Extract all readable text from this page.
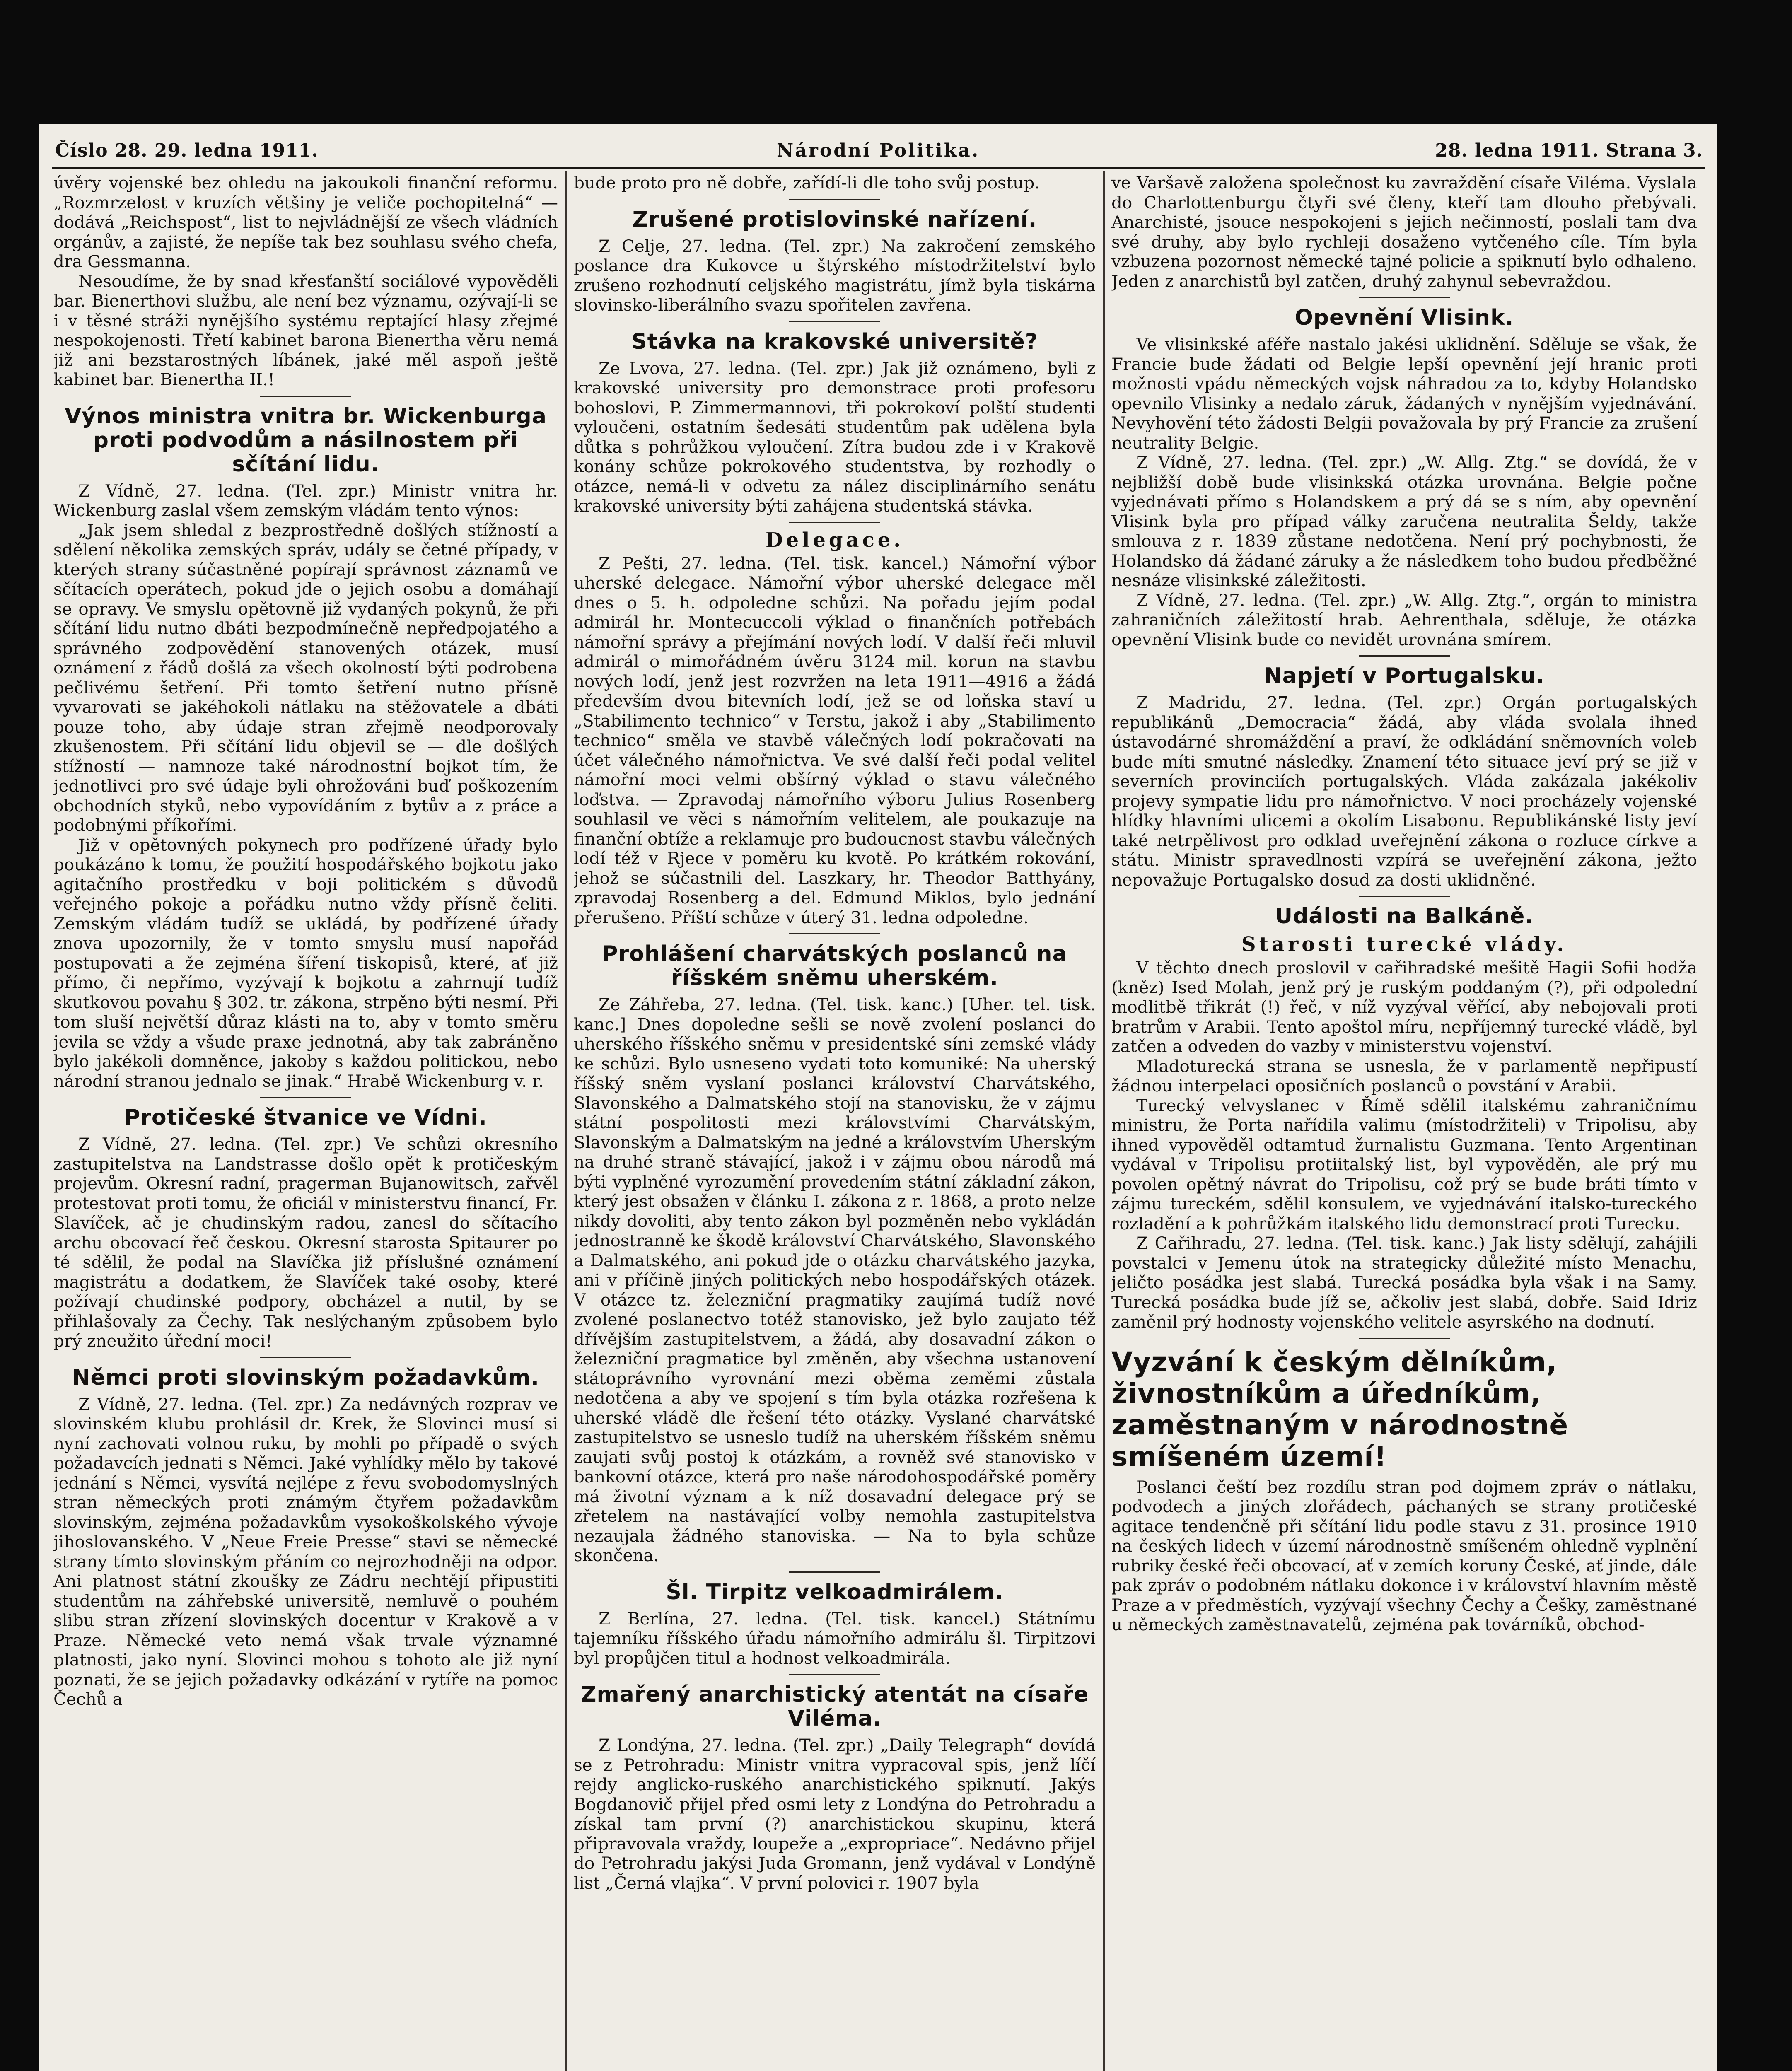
Číslo 28. 29. ledna 1911.	Národní Politika.	28. ledna 1911. Strana 3.

úvěry vojenské bez ohledu na jakoukoli finanční reformu. „Rozmrzelost v kruzích většiny je veliče pochopitelná“ — dodává „Reichspost“, list to nejvládnější ze všech vládních orgánův, a zajisté, že nepíše tak bez souhlasu svého chefa, dra Gessmanna.

Nesoudíme, že by snad křesťanští sociálové vypověděli bar. Bienerthovi službu, ale není bez významu, ozývají-li se i v těsné stráži nynějšího systému reptající hlasy zřejmé nespokojenosti. Třetí kabinet barona Bienertha věru nemá již ani bezstarostných líbánek, jaké měl aspoň ještě kabinet bar. Bienertha II.!

Výnos ministra vnitra br. Wickenburga proti podvodům a násilnostem při sčítání lidu.

Z Vídně, 27. ledna. (Tel. zpr.) Ministr vnitra hr. Wickenburg zaslal všem zemským vládám tento výnos:

„Jak jsem shledal z bezprostředně došlých stížností a sdělení několika zemských správ, udály se četné případy, v kterých strany súčastněné popírají správnost záznamů ve sčítacích operátech, pokud jde o jejich osobu a domáhají se opravy. Ve smyslu opětovně již vydaných pokynů, že při sčítání lidu nutno dbáti bezpodmínečně nepředpojatého a správného zodpovědění stanovených otázek, musí oznámení z řádů došlá za všech okolností býti podrobena pečlivému šetření. Při tomto šetření nutno přísně vyvarovati se jakéhokoli nátlaku na stěžovatele a dbáti pouze toho, aby údaje stran zřejmě neodporovaly zkušenostem. Při sčítání lidu objevil se — dle došlých stížností — namnoze také národnostní bojkot tím, že jednotlivci pro své údaje byli ohrožováni buď poškozením obchodních styků, nebo vypovídáním z bytův a z práce a podobnými příkořími.

Již v opětovných pokynech pro podřízené úřady bylo poukázáno k tomu, že použití hospodářského bojkotu jako agitačního prostředku v boji politickém s důvodů veřejného pokoje a pořádku nutno vždy přísně čeliti. Zemským vládám tudíž se ukládá, by podřízené úřady znova upozornily, že v tomto smyslu musí napořád postupovati a že zejména šíření tiskopisů, které, ať již přímo, či nepřímo, vyzývají k bojkotu a zahrnují tudíž skutkovou povahu § 302. tr. zákona, strpěno býti nesmí. Při tom sluší největší důraz klásti na to, aby v tomto směru jevila se vždy a všude praxe jednotná, aby tak zabráněno bylo jakékoli domněnce, jakoby s každou politickou, nebo národní stranou jednalo se jinak.“ Hrabě Wickenburg v. r.

Protičeské štvanice ve Vídni.

Z Vídně, 27. ledna. (Tel. zpr.) Ve schůzi okresního zastupitelstva na Landstrasse došlo opět k protičeským projevům. Okresní radní, pragerman Bujanowitsch, zařvěl protestovat proti tomu, že oficiál v ministerstvu financí, Fr. Slavíček, ač je chudinským radou, zanesl do sčítacího archu obcovací řeč českou. Okresní starosta Spitaurer po té sdělil, že podal na Slavíčka již příslušné oznámení magistrátu a dodatkem, že Slavíček také osoby, které požívají chudinské podpory, obcházel a nutil, by se přihlašovaly za Čechy. Tak neslýchaným způsobem bylo prý zneužito úřední moci!

Němci proti slovinským požadavkům.

Z Vídně, 27. ledna. (Tel. zpr.) Za nedávných rozprav ve slovinském klubu prohlásil dr. Krek, že Slovinci musí si nyní zachovati volnou ruku, by mohli po případě o svých požadavcích jednati s Němci. Jaké vyhlídky mělo by takové jednání s Němci, vysvítá nejlépe z řevu svobodomyslných stran německých proti známým čtyřem požadavkům slovinským, zejména požadavkům vysokoškolského vývoje jihoslovanského. V „Neue Freie Presse“ stavi se německé strany tímto slovinským přáním co nejrozhodněji na odpor. Ani platnost státní zkoušky ze Zádru nechtějí připustiti studentům na záhřebské universitě, nemluvě o pouhém slibu stran zřízení slovinských docentur v Krakově a v Praze. Německé veto nemá však trvale významné platnosti, jako nyní. Slovinci mohou s tohoto ale již nyní poznati, že se jejich požadavky odkázání v rytíře na pomoc Čechů a

bude proto pro ně dobře, zařídí-li dle toho svůj postup.

Zrušené protislovinské nařízení.

Z Celje, 27. ledna. (Tel. zpr.) Na zakročení zemského poslance dra Kukovce u štýrského místodržitelství bylo zrušeno rozhodnutí celjského magistrátu, jímž byla tiskárna slovinsko-liberálního svazu spořitelen zavřena.

Stávka na krakovské universitě?

Ze Lvova, 27. ledna. (Tel. zpr.) Jak již oznámeno, byli z krakovské university pro demonstrace proti profesoru bohoslovi, P. Zimmermannovi, tři pokrokoví polští studenti vyloučeni, ostatním šedesáti studentům pak udělena byla důtka s pohrůžkou vyloučení. Zítra budou zde i v Krakově konány schůze pokrokového studentstva, by rozhodly o otázce, nemá-li v odvetu za nález disciplinárního senátu krakovské university býti zahájena studentská stávka.

Delegace.

Z Pešti, 27. ledna. (Tel. tisk. kancel.) Námořní výbor uherské delegace. Námořní výbor uherské delegace měl dnes o 5. h. odpoledne schůzi. Na pořadu jejím podal admirál hr. Montecuccoli výklad o finančních potřebách námořní správy a přejímání nových lodí. V další řeči mluvil admirál o mimořádném úvěru 3124 mil. korun na stavbu nových lodí, jenž jest rozvržen na leta 1911—4916 a žádá především dvou bitevních lodí, jež se od loňska staví u „Stabilimento technico“ v Terstu, jakož i aby „Stabilimento technico“ směla ve stavbě válečných lodí pokračovati na účet válečného námořnictva. Ve své další řeči podal velitel námořní moci velmi obšírný výklad o stavu válečného loďstva. — Zpravodaj námořního výboru Julius Rosenberg souhlasil ve věci s námořním velitelem, ale poukazuje na finanční obtíže a reklamuje pro budoucnost stavbu válečných lodí též v Rjece v poměru ku kvotě. Po krátkém rokování, jehož se súčastnili del. Laszkary, hr. Theodor Batthyány, zpravodaj Rosenberg a del. Edmund Miklos, bylo jednání přerušeno. Příští schůze v úterý 31. ledna odpoledne.

Prohlášení charvátských poslanců na říšském sněmu uherském.

Ze Záhřeba, 27. ledna. (Tel. tisk. kanc.) [Uher. tel. tisk. kanc.] Dnes dopoledne sešli se nově zvolení poslanci do uherského říšského sněmu v presidentské síni zemské vlády ke schůzi. Bylo usneseno vydati toto komuniké: Na uherský říšský sněm vyslaní poslanci království Charvátského, Slavonského a Dalmatského stojí na stanovisku, že v zájmu státní pospolitosti mezi královstvími Charvátským, Slavonským a Dalmatským na jedné a královstvím Uherským na druhé straně stávající, jakož i v zájmu obou národů má býti vyplněné vyrozumění provedením státní základní zákon, který jest obsažen v článku I. zákona z r. 1868, a proto nelze nikdy dovoliti, aby tento zákon byl pozměněn nebo vykládán jednostranně ke škodě království Charvátského, Slavonského a Dalmatského, ani pokud jde o otázku charvátského jazyka, ani v příčině jiných politických nebo hospodářských otázek. V otázce tz. železniční pragmatiky zaujímá tudíž nové zvolené poslanectvo totéž stanovisko, jež bylo zaujato též dřívějším zastupitelstvem, a žádá, aby dosavadní zákon o železniční pragmatice byl změněn, aby všechna ustanovení státoprávního vyrovnání mezi oběma zeměmi zůstala nedotčena a aby ve spojení s tím byla otázka rozřešena k uherské vládě dle řešení této otázky. Vyslané charvátské zastupitelstvo se usneslo tudíž na uherském říšském sněmu zaujati svůj postoj k otázkám, a rovněž své stanovisko v bankovní otázce, která pro naše národohospodářské poměry má životní význam a k níž dosavadní delegace prý se zřetelem na nastávající volby nemohla zastupitelstva nezaujala žádného stanoviska. — Na to byla schůze skončena.

Šl. Tirpitz velkoadmirálem.

Z Berlína, 27. ledna. (Tel. tisk. kancel.) Státnímu tajemníku říšského úřadu námořního admirálu šl. Tirpitzovi byl propůjčen titul a hodnost velkoadmirála.

Zmařený anarchistický atentát na císaře Viléma.

Z Londýna, 27. ledna. (Tel. zpr.) „Daily Telegraph“ dovídá se z Petrohradu: Ministr vnitra vypracoval spis, jenž líčí rejdy anglicko-ruského anarchistického spiknutí. Jakýs Bogdanovič přijel před osmi lety z Londýna do Petrohradu a získal tam první (?) anarchistickou skupinu, která připravovala vraždy, loupeže a „exproprіace“. Nedávno přijel do Petrohradu jakýsi Juda Gromann, jenž vydával v Londýně list „Černá vlajka“. V první polovici r. 1907 byla

ve Varšavě založena společnost ku zavraždění císaře Viléma. Vyslala do Charlottenburgu čtyři své členy, kteří tam dlouho přebývali. Anarchisté, jsouce nespokojeni s jejich nečinností, poslali tam dva své druhy, aby bylo rychleji dosaženo vytčeného cíle. Tím byla vzbuzena pozornost německé tajné policie a spiknutí bylo odhaleno. Jeden z anarchistů byl zatčen, druhý zahynul sebevraždou.

Opevnění Vlisink.

Ve vlisinkské aféře nastalo jakési uklidnění. Sděluje se však, že Francie bude žádati od Belgie lepší opevnění její hranic proti možnosti vpádu německých vojsk náhradou za to, kdyby Holandsko opevnilo Vlisinky a nedalo záruk, žádaných v nynějším vyjednávání. Nevyhovění této žádosti Belgii považovala by prý Francie za zrušení neutrality Belgie.

Z Vídně, 27. ledna. (Tel. zpr.) „W. Allg. Ztg.“ se dovídá, že v nejbližší době bude vlisinkská otázka urovnána. Belgie počne vyjednávati přímo s Holandskem a prý dá se s ním, aby opevnění Vlisink byla pro případ války zaručena neutralita Šeldy, takže smlouva z r. 1839 zůstane nedotčena. Není prý pochybnosti, že Holandsko dá žádané záruky a že následkem toho budou předběžné nesnáze vlisinkské záležitosti.

Z Vídně, 27. ledna. (Tel. zpr.) „W. Allg. Ztg.“, orgán to ministra zahraničních záležitostí hrab. Aehrenthala, sděluje, že otázka opevnění Vlisink bude co nevidět urovnána smírem.

Napjetí v Portugalsku.

Z Madridu, 27. ledna. (Tel. zpr.) Orgán portugalských republikánů „Democracia“ žádá, aby vláda svolala ihned ústavodárné shromáždění a praví, že odkládání sněmovních voleb bude míti smutné následky. Znamení této situace jeví prý se již v severních provinciích portugalských. Vláda zakázala jakékoliv projevy sympatie lidu pro námořnictvo. V noci procházely vojenské hlídky hlavními ulicemi a okolím Lisabonu. Republikánské listy jeví také netrpělivost pro odklad uveřejnění zákona o rozluce církve a státu. Ministr spravedlnosti vzpírá se uveřejnění zákona, ježto nepovažuje Portugalsko dosud za dosti uklidněné.

Události na Balkáně.
Starosti turecké vlády.

V těchto dnech proslovil v cařihradské mešitě Hagii Sofii hodža (kněz) Ised Molah, jenž prý je ruským poddaným (?), při odpolední modlitbě třikrát (!) řeč, v níž vyzýval věřící, aby nebojovali proti bratrům v Arabii. Tento apoštol míru, nepříjemný turecké vládě, byl zatčen a odveden do vazby v ministerstvu vojenství.

Mladoturecká strana se usnesla, že v parlamentě nepřipustí žádnou interpelaci oposičních poslanců o povstání v Arabii.

Turecký velvyslanec v Římě sdělil italskému zahraničnímu ministru, že Porta nařídila valimu (místodržiteli) v Tripolisu, aby ihned vypověděl odtamtud žurnalistu Guzmana. Tento Argentinan vydával v Tripolisu protiitalský list, byl vypověděn, ale prý mu povolen opětný návrat do Tripolisu, což prý se bude bráti tímto v zájmu tureckém, sdělil konsulem, ve vyjednávání italsko-tureckého rozladění a k pohrůžkám italského lidu demonstrací proti Turecku.

Z Cařihradu, 27. ledna. (Tel. tisk. kanc.) Jak listy sdělují, zahájili povstalci v Jemenu útok na strategicky důležité místo Menachu, jeličto posádka jest slabá. Turecká posádka byla však i na Samy. Turecká posádka bude jíž se, ačkoliv jest slabá, dobře. Said Idriz zaměnil prý hodnosty vojenského velitele asyrského na dodnutí.

Vyzvání k českým dělníkům, živnostníkům a úředníkům, zaměstnaným v národnostně smíšeném území!

Poslanci čeští bez rozdílu stran pod dojmem zpráv o nátlaku, podvodech a jiných zlořádech, páchaných se strany protičeské agitace tendenčně při sčítání lidu podle stavu z 31. prosince 1910 na českých lidech v území národnostně smíšeném ohledně vyplnění rubriky české řeči obcovací, ať v zemích koruny České, ať jinde, dále pak zpráv o podobném nátlaku dokonce i v království hlavním městě Praze a v předměstích, vyzývají všechny Čechy a Češky, zaměstnané u německých zaměstnavatelů, zejména pak továrníků, obchod-
